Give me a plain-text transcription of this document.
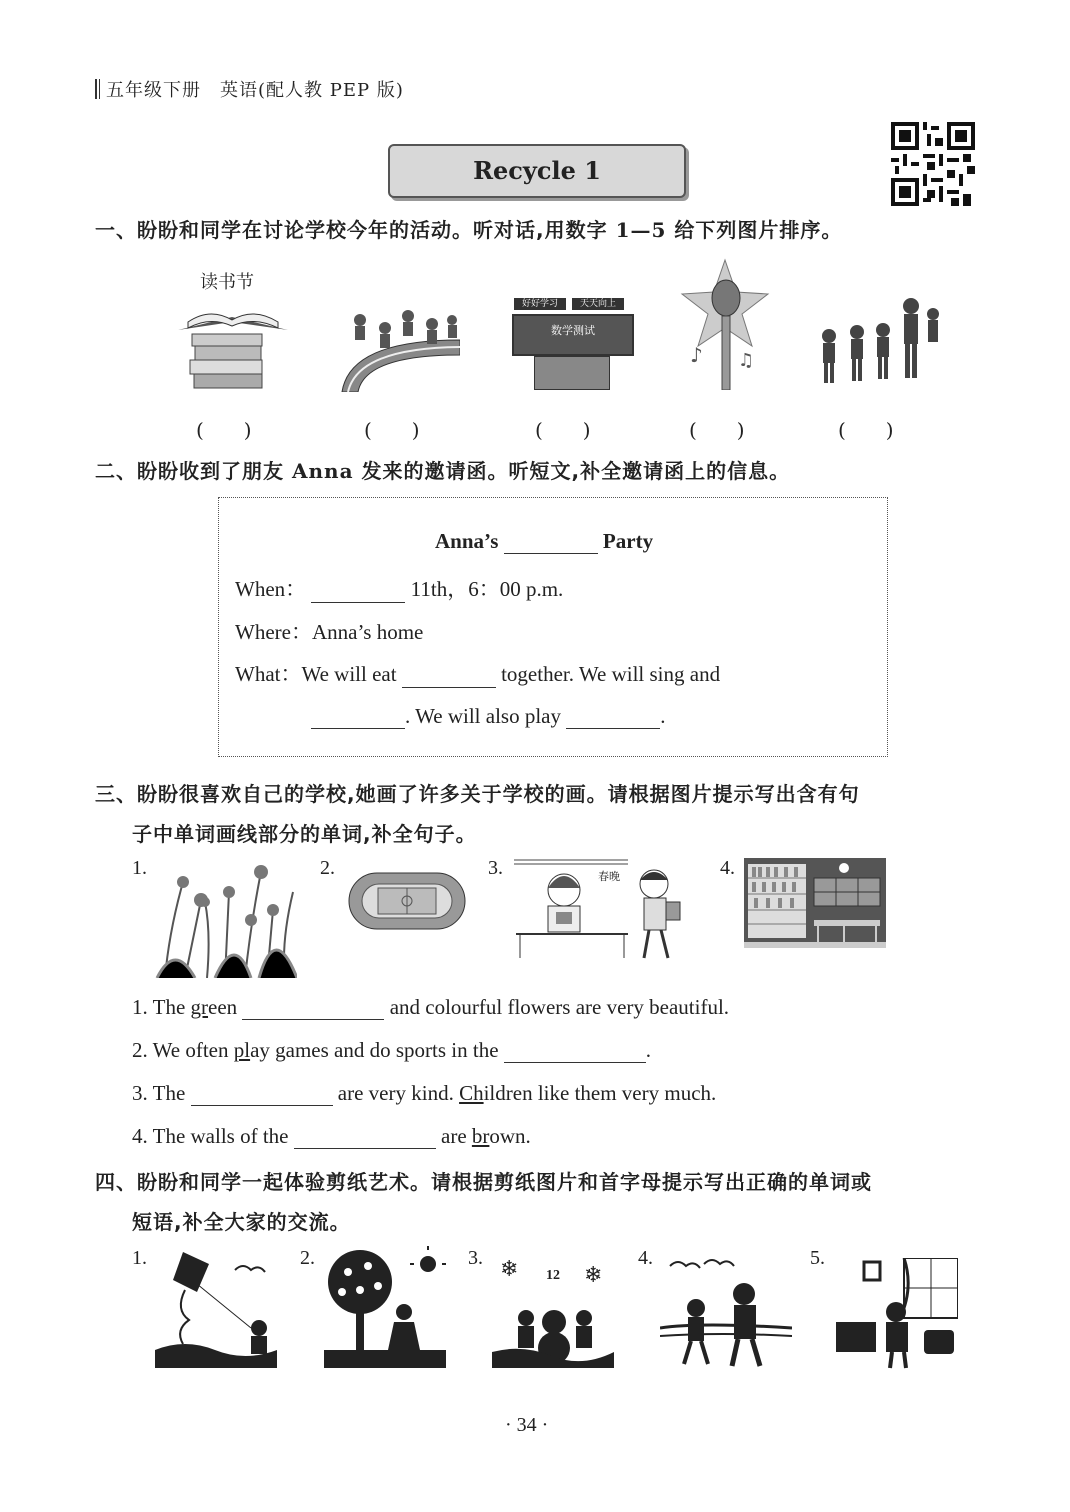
五年级下册　英语(配人教 PEP 版)
Recycle 1
一、盼盼和同学在讨论学校今年的活动。听对话,用数字 1—5 给下列图片排序。
读书节
好好学习	天天向上
数学测试
♪ ♫
(　　)	(　　)	(　　)	(　　)	(　　)
二、盼盼收到了朋友 Anna 发来的邀请函。听短文,补全邀请函上的信息。
Anna’s	Party
When：	11th，6：00 p.m.
Where：Anna’s home
What：We will eat	together. We will sing and
. We will also play	.
三、盼盼很喜欢自己的学校,她画了许多关于学校的画。请根据图片提示写出含有句
子中单词画线部分的单词,补全句子。
1.	2.	3.	4.
春晚
1. The green	and colourful flowers are very beautiful.
2. We often play games and do sports in the	.
3. The	are very kind. Children like them very much.
4. The walls of the	are brown.
四、盼盼和同学一起体验剪纸艺术。请根据剪纸图片和首字母提示写出正确的单词或
短语,补全大家的交流。
1.	2.	3.	4.	5.
❄	❄
12
· 34 ·
